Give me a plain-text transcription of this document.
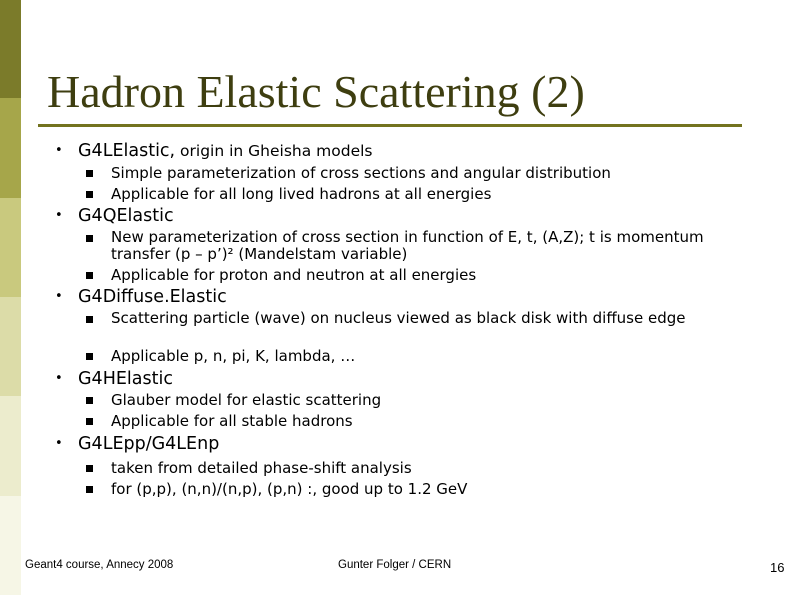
Hadron Elastic Scattering (2)
• G4LElastic, origin in Gheisha models
Simple parameterization of cross sections and angular distribution
Applicable for all long lived hadrons at all energies
• G4QElastic
New parameterization of cross section in function of E, t, (A,Z); t is momentum transfer (p – p’)² (Mandelstam variable)
Applicable for proton and neutron at all energies
• G4Diffuse.Elastic
Scattering particle (wave) on nucleus viewed as black disk with diffuse edge
Applicable p, n, pi, K, lambda, …
• G4HElastic
Glauber model for elastic scattering
Applicable for all stable hadrons
• G4LEpp/G4LEnp
taken from detailed phase-shift analysis
for (p,p), (n,n)/(n,p), (p,n) :, good up to 1.2 GeV
Geant4 course, Annecy 2008	Gunter Folger / CERN	16
